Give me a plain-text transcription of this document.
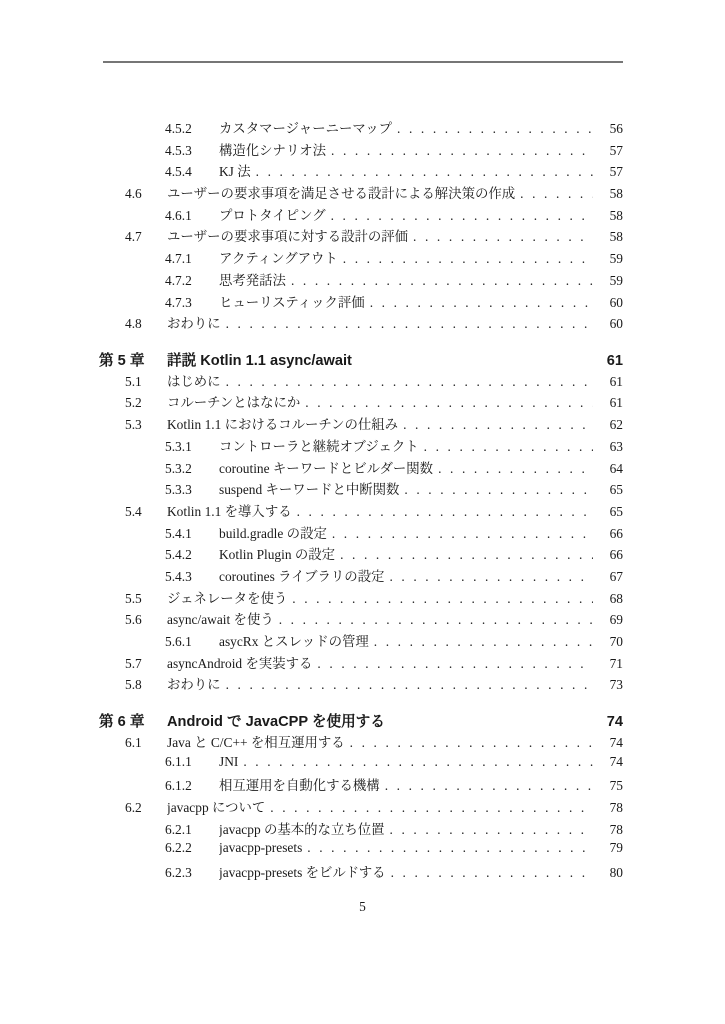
4.5.2	カスタマージャーニーマップ .....	56
4.5.3	構造化シナリオ法 .....	57
4.5.4	KJ 法 .....	57
4.6	ユーザーの要求事項を満足させる設計による解決策の作成 .....	58
4.6.1	プロトタイピング .....	58
4.7	ユーザーの要求事項に対する設計の評価 .....	58
4.7.1	アクティングアウト .....	59
4.7.2	思考発話法 .....	59
4.7.3	ヒューリスティック評価 .....	60
4.8	おわりに .....	60
第 5 章	詳説 Kotlin 1.1 async/await	61
5.1	はじめに .....	61
5.2	コルーチンとはなにか .....	61
5.3	Kotlin 1.1 におけるコルーチンの仕組み .....	62
5.3.1	コントローラと継続オブジェクト .....	63
5.3.2	coroutine キーワードとビルダー関数 .....	64
5.3.3	suspend キーワードと中断関数 .....	65
5.4	Kotlin 1.1 を導入する .....	65
5.4.1	build.gradle の設定 .....	66
5.4.2	Kotlin Plugin の設定 .....	66
5.4.3	coroutines ライブラリの設定 .....	67
5.5	ジェネレータを使う .....	68
5.6	async/await を使う .....	69
5.6.1	asycRx とスレッドの管理 .....	70
5.7	asyncAndroid を実装する .....	71
5.8	おわりに .....	73
第 6 章	Android で JavaCPP を使用する	74
6.1	Java と C/C++ を相互運用する .....	74
6.1.1	JNI .....	74
6.1.2	相互運用を自動化する機構 .....	75
6.2	javacpp について .....	78
6.2.1	javacpp の基本的な立ち位置 .....	78
6.2.2	javacpp-presets .....	79
6.2.3	javacpp-presets をビルドする .....	80
5
